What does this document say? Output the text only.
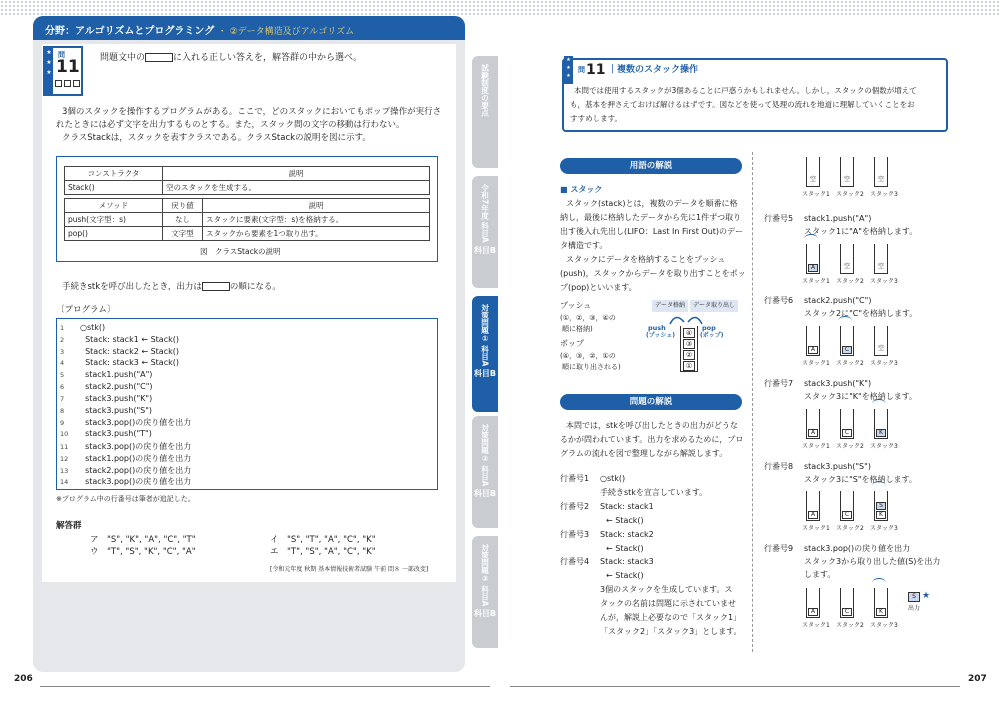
分野：アルゴリズムとプログラミング ・ ②データ構造及びアルゴリズム
★
★
★
問
11 問題文中の	に入れる正しい答えを，解答群の中から選べ。
3個のスタックを操作するプログラムがある。ここで，どのスタックにおいてもポップ操作が実行さ
れたときには必ず文字を出力するものとする。また，スタック間の文字の移動は行わない。
クラスStackは，スタックを表すクラスである。クラスStackの説明を図に示す。
コンストラクタ	説明
Stack()	空のスタックを生成する。
メソッド	戻り値	説明
push(文字型：s)	なし	スタックに要素(文字型：s)を格納する。
pop()	文字型	スタックから要素を1つ取り出す。
図　クラスStackの説明
手続きstkを呼び出したとき，出力は	の順になる。
〔プログラム〕
1 ○stk()
2  Stack: stack1 ← Stack()
3  Stack: stack2 ← Stack()
4  Stack: stack3 ← Stack()
5  stack1.push("A")
6  stack2.push("C")
7  stack3.push("K")
8  stack3.push("S")
9  stack3.pop()の戻り値を出力
10  stack3.push("T")
11  stack3.pop()の戻り値を出力
12  stack1.pop()の戻り値を出力
13  stack2.pop()の戻り値を出力
14  stack3.pop()の戻り値を出力
※プログラム中の行番号は筆者が追記した。
解答群
ア　"S", "K", "A", "C", "T"	イ　"S", "T", "A", "C", "K"
ウ　"T", "S", "K", "C", "A"	エ　"T", "S", "A", "C", "K"
[令和元年度 秋期 基本情報技術者試験 午前 問８ 一部改変]
206
★
★
★
問 11 ｜複数のスタック操作
本問では使用するスタックが3個あることに戸惑うかもしれません。しかし，スタックの個数が増えて
も，基本を押さえておけば解けるはずです。図などを使って処理の流れを地道に理解していくことをお
すすめします。
用語の解説
■ スタック
スタック(stack)とは，複数のデータを順番に格
納し，最後に格納したデータから先に1件ずつ取り
出す後入れ先出し(LIFO：Last In First Out)のデー
タ構造です。
スタックにデータを格納することをプッシュ
(push)，スタックからデータを取り出すことをポッ
プ(pop)といいます。
プッシュ
(①，②，③，④の
順に格納)
ポップ
(④，③，②，①の
順に取り出される)
データ格納	データ取り出し
push
(プッシュ)
pop
(ポップ)
④
③
②
①
問題の解説
本問では，stkを呼び出したときの出力がどうな
るかが問われています。出力を求めるために，プロ
グラムの流れを図で整理しながら解説します。
行番号1 ○stk()
手続きstkを宣言しています。
行番号2 Stack: stack1
← Stack()
行番号3 Stack: stack2
← Stack()
行番号4 Stack: stack3
← Stack()
3個のスタックを生成しています。ス
タックの名前は問題に示されていませ
んが，解説上必要なので「スタック1」
「スタック2」「スタック3」とします。
行番号5 stack1.push("A")
スタック1に"A"を格納します。
行番号6 stack2.push("C")
スタック2に"C"を格納します。
行番号7 stack3.push("K")
スタック3に"K"を格納します。
行番号8 stack3.push("S")
スタック3に"S"を格納します。
行番号9 stack3.pop()の戻り値を出力
スタック3から取り出した値(S)を出力
します。
空
スタック1
空
スタック2
空
スタック3
A
スタック1
空
スタック2
空
スタック3
A
スタック1
C
スタック2
空
スタック3
A
スタック1
C
スタック2
K
スタック3
A
スタック1
C
スタック2
K
S
スタック3
A
スタック1
C
スタック2
K
スタック3
出力
S ★
試験制度の要点
令和7年度 科目A
科目B
対策問題① 科目A
科目B
対策問題② 科目A
科目B
対策問題③ 科目A
科目B
207
